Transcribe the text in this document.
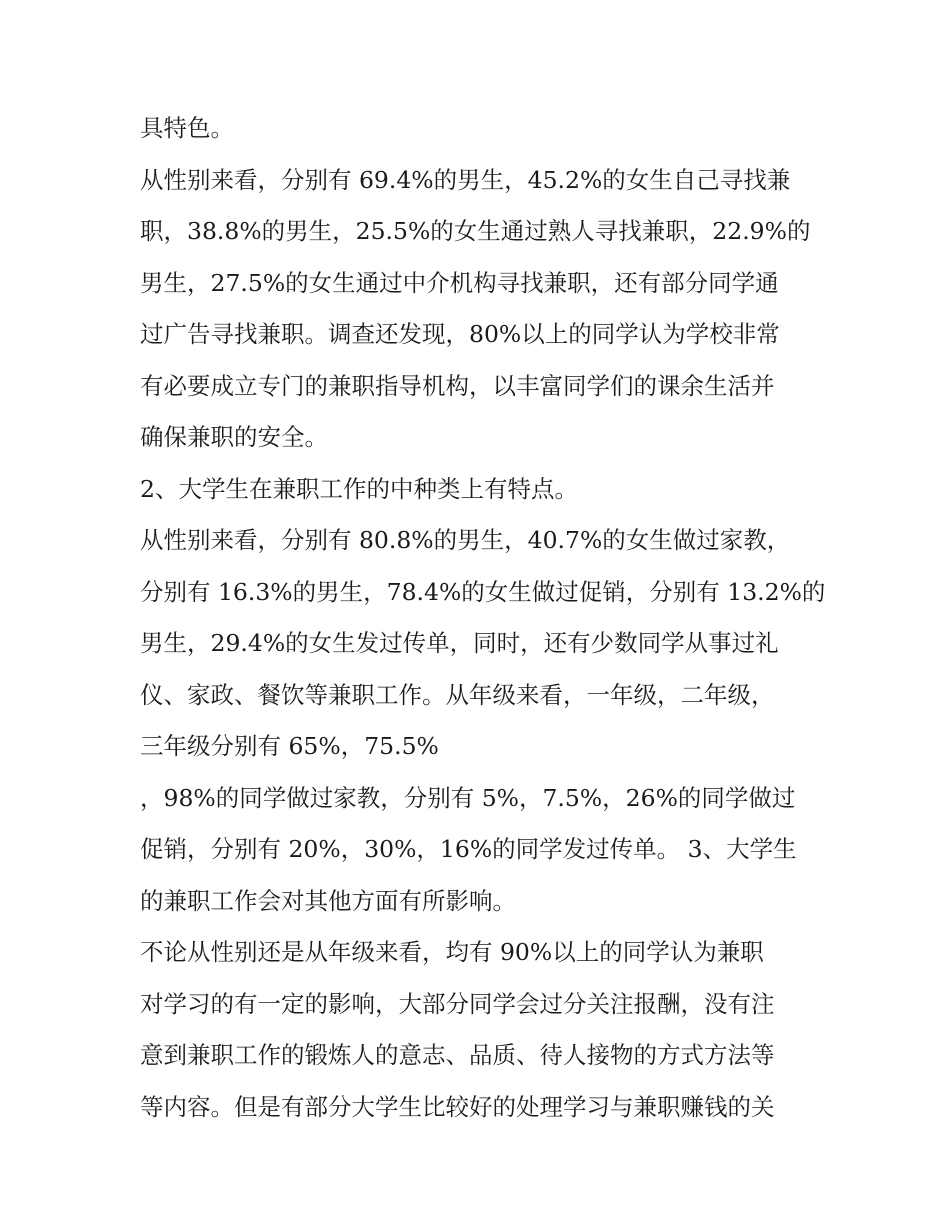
具特色。
从性别来看，分别有 69.4%的男生，45.2%的女生自己寻找兼
职，38.8%的男生，25.5%的女生通过熟人寻找兼职，22.9%的
男生，27.5%的女生通过中介机构寻找兼职，还有部分同学通
过广告寻找兼职。调查还发现，80%以上的同学认为学校非常
有必要成立专门的兼职指导机构，以丰富同学们的课余生活并
确保兼职的安全。
2、大学生在兼职工作的中种类上有特点。
从性别来看，分别有 80.8%的男生，40.7%的女生做过家教，
分别有 16.3%的男生，78.4%的女生做过促销，分别有 13.2%的
男生，29.4%的女生发过传单，同时，还有少数同学从事过礼
仪、家政、餐饮等兼职工作。从年级来看，一年级，二年级，
三年级分别有 65%，75.5%
，98%的同学做过家教，分别有 5%，7.5%，26%的同学做过
促销，分别有 20%，30%，16%的同学发过传单。 3、大学生
的兼职工作会对其他方面有所影响。
不论从性别还是从年级来看，均有 90%以上的同学认为兼职
对学习的有一定的影响，大部分同学会过分关注报酬，没有注
意到兼职工作的锻炼人的意志、品质、待人接物的方式方法等
等内容。但是有部分大学生比较好的处理学习与兼职赚钱的关
